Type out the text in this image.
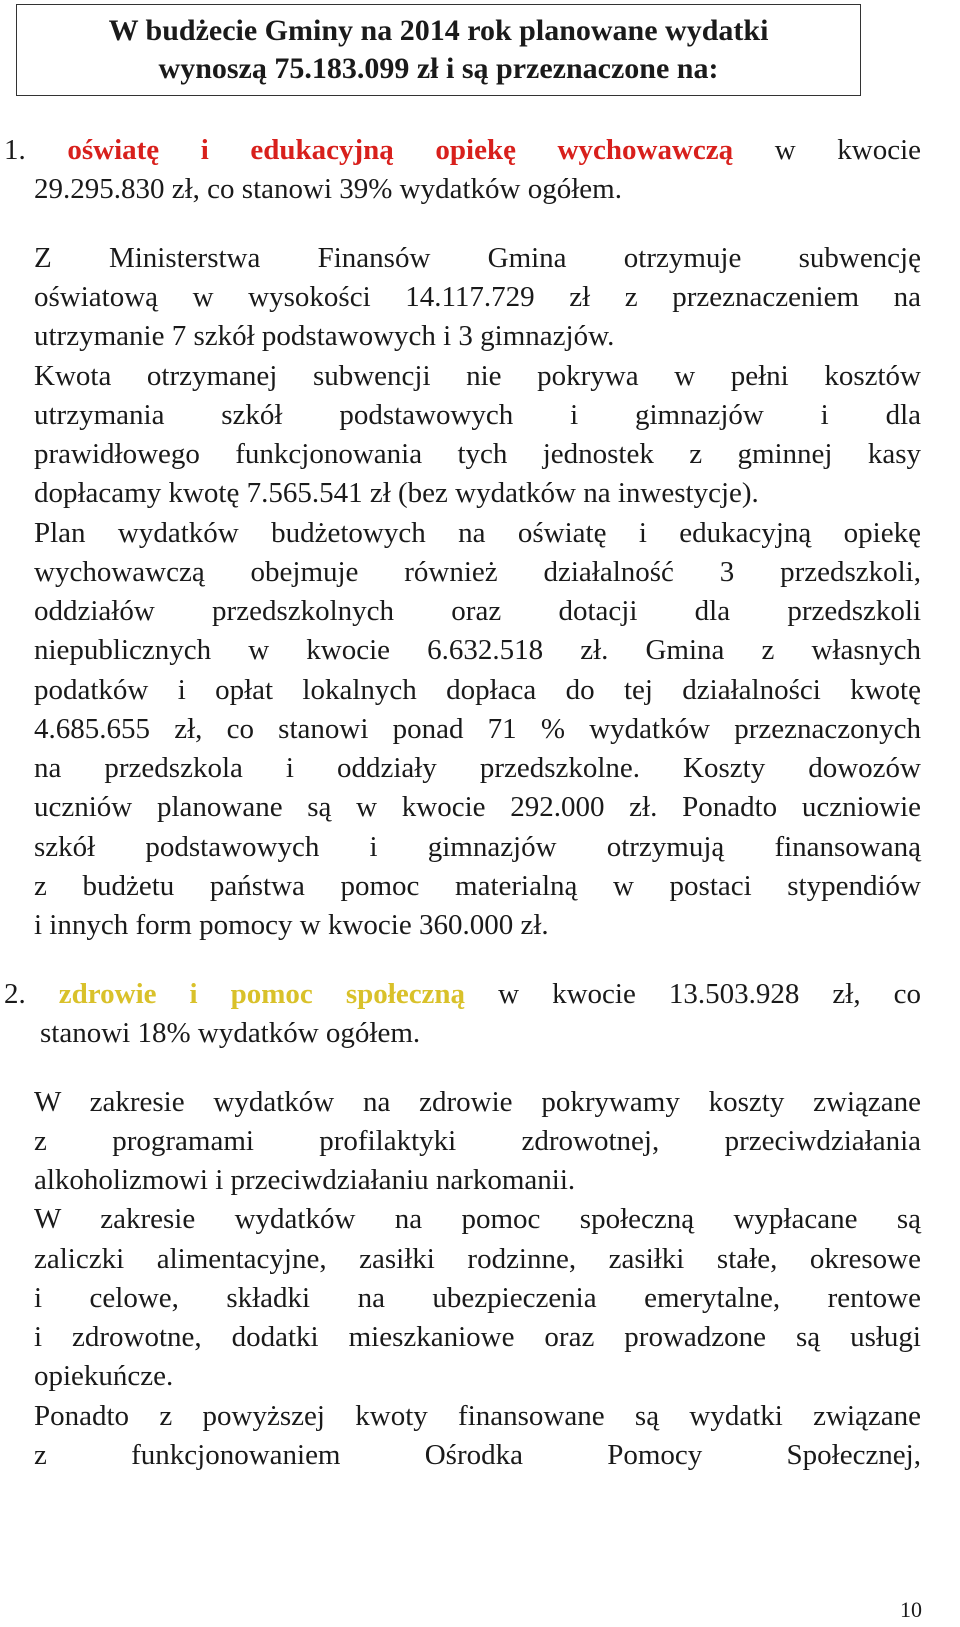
W budżecie Gminy na 2014 rok planowane wydatki
wynoszą 75.183.099 zł i są przeznaczone na:
1. oświatę i edukacyjną opiekę wychowawczą w kwocie
29.295.830 zł, co stanowi 39% wydatków ogółem.
Z Ministerstwa Finansów Gmina otrzymuje subwencję
oświatową w wysokości 14.117.729 zł z przeznaczeniem na
utrzymanie 7 szkół podstawowych i 3 gimnazjów.
Kwota otrzymanej subwencji nie pokrywa w pełni kosztów
utrzymania szkół podstawowych i gimnazjów i dla
prawidłowego funkcjonowania tych jednostek z gminnej kasy
dopłacamy kwotę 7.565.541 zł (bez wydatków na inwestycje).
Plan wydatków budżetowych na oświatę i edukacyjną opiekę
wychowawczą obejmuje również działalność 3 przedszkoli,
oddziałów przedszkolnych oraz dotacji dla przedszkoli
niepublicznych w kwocie 6.632.518 zł. Gmina z własnych
podatków i opłat lokalnych dopłaca do tej działalności kwotę
4.685.655 zł, co stanowi ponad 71 % wydatków przeznaczonych
na przedszkola i oddziały przedszkolne. Koszty dowozów
uczniów planowane są w kwocie 292.000 zł. Ponadto uczniowie
szkół podstawowych i gimnazjów otrzymują finansowaną
z budżetu państwa pomoc materialną w postaci stypendiów
i innych form pomocy w kwocie 360.000 zł.
2. zdrowie i pomoc społeczną w kwocie 13.503.928 zł, co
stanowi 18% wydatków ogółem.
W zakresie wydatków na zdrowie pokrywamy koszty związane
z programami profilaktyki zdrowotnej, przeciwdziałania
alkoholizmowi i przeciwdziałaniu narkomanii.
W zakresie wydatków na pomoc społeczną wypłacane są
zaliczki alimentacyjne, zasiłki rodzinne, zasiłki stałe, okresowe
i celowe, składki na ubezpieczenia emerytalne, rentowe
i zdrowotne, dodatki mieszkaniowe oraz prowadzone są usługi
opiekuńcze.
Ponadto z powyższej kwoty finansowane są wydatki związane
z funkcjonowaniem Ośrodka Pomocy Społecznej,
10
